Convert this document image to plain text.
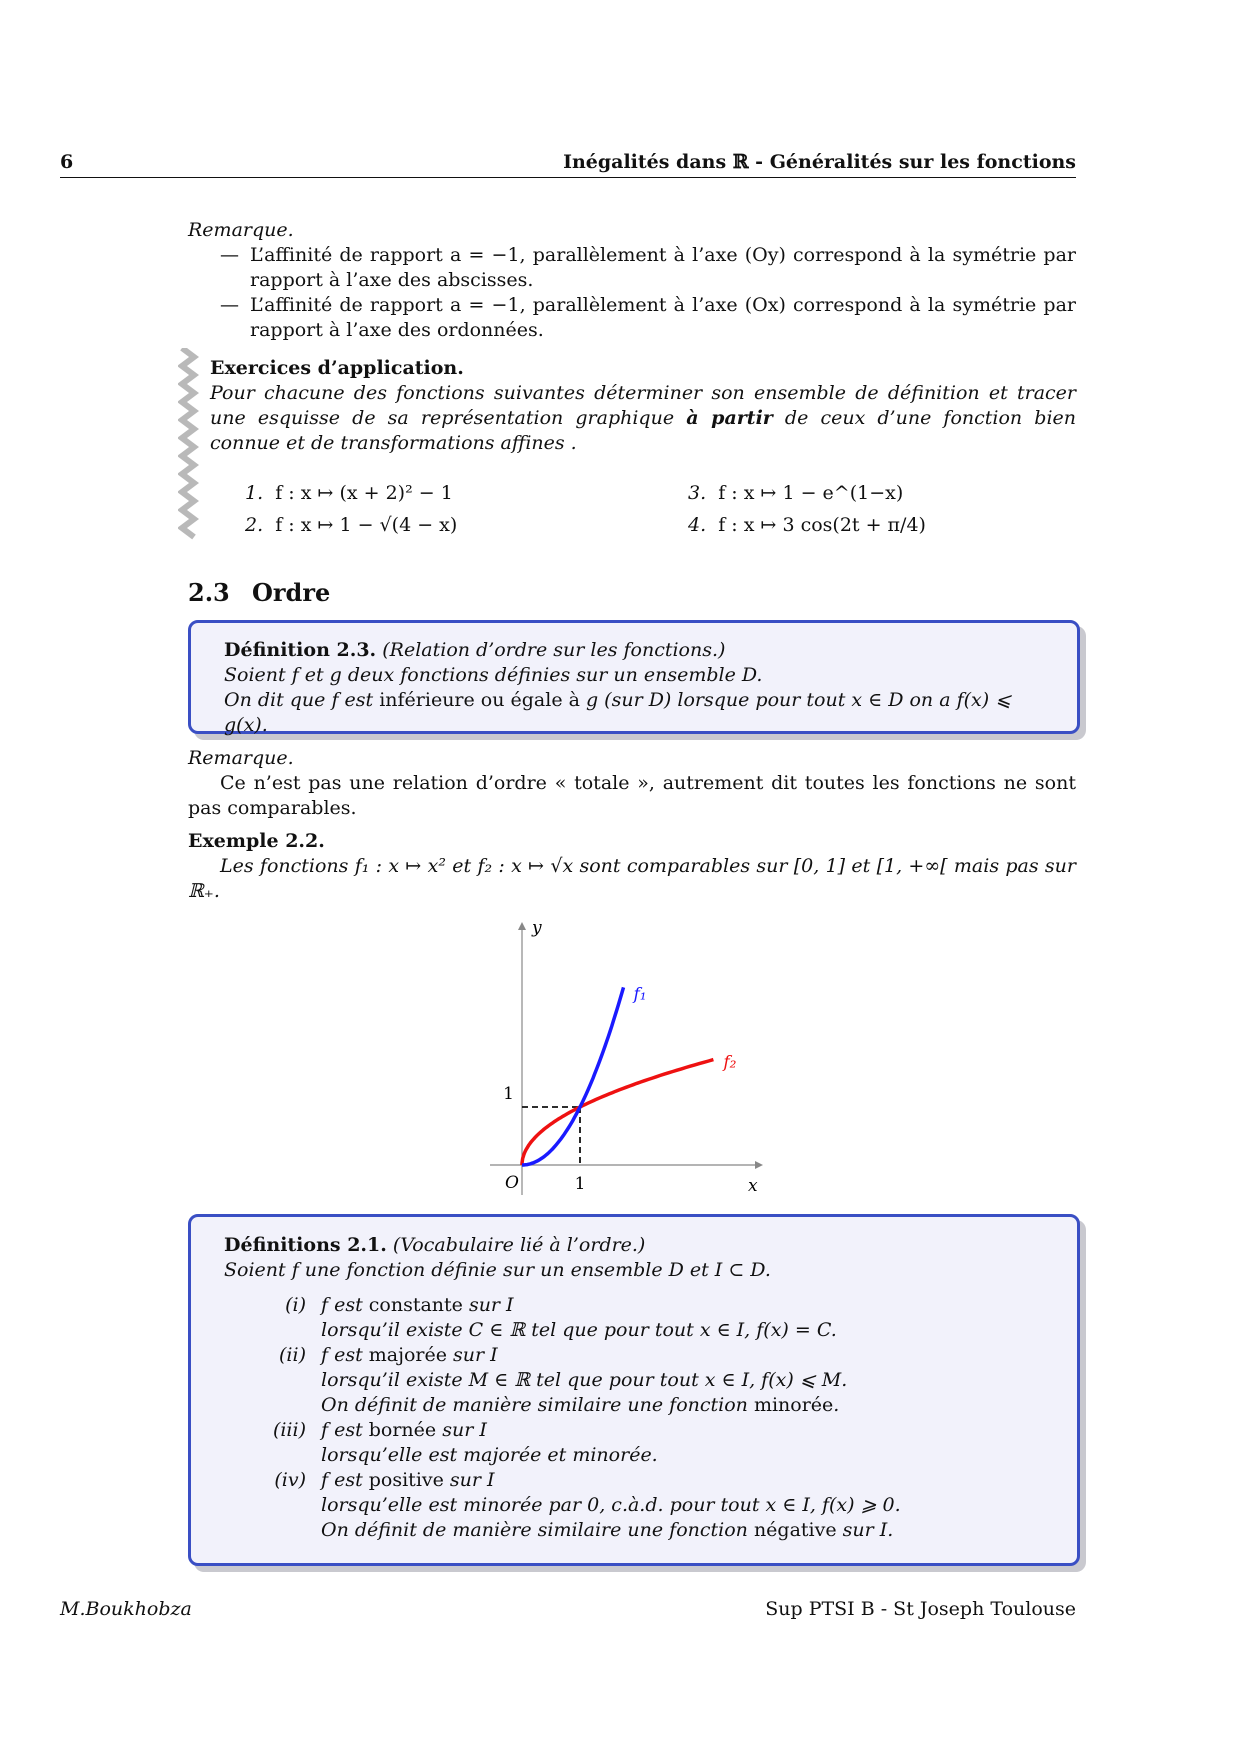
6	Inégalités dans ℝ - Généralités sur les fonctions
Remarque.
— L’affinité de rapport a = −1, parallèlement à l’axe (Oy) correspond à la symétrie par rapport à l’axe des abscisses.
— L’affinité de rapport a = −1, parallèlement à l’axe (Ox) correspond à la symétrie par rapport à l’axe des ordonnées.
Exercices d’application.
Pour chacune des fonctions suivantes déterminer son ensemble de définition et tracer une esquisse de sa représentation graphique à partir de ceux d’une fonction bien connue et de transformations affines .
1. f : x ↦ (x + 2)² − 1
2. f : x ↦ 1 − √(4 − x)
3. f : x ↦ 1 − e^(1−x)
4. f : x ↦ 3 cos(2t + π/4)
2.3 Ordre
Définition 2.3. (Relation d’ordre sur les fonctions.)
Soient f et g deux fonctions définies sur un ensemble D.
On dit que f est inférieure ou égale à g (sur D) lorsque pour tout x ∈ D on a f(x) ⩽ g(x).
Remarque.
Ce n’est pas une relation d’ordre « totale », autrement dit toutes les fonctions ne sont pas comparables.
Exemple 2.2.
Les fonctions f₁ : x ↦ x² et f₂ : x ↦ √x sont comparables sur [0, 1] et [1, +∞[ mais pas sur ℝ₊.
f₁
f₂
1
1
O	x
y
Définitions 2.1. (Vocabulaire lié à l’ordre.)
Soient f une fonction définie sur un ensemble D et I ⊂ D.
(i) f est constante sur I
lorsqu’il existe C ∈ ℝ tel que pour tout x ∈ I, f(x) = C.
(ii) f est majorée sur I
lorsqu’il existe M ∈ ℝ tel que pour tout x ∈ I, f(x) ⩽ M.
On définit de manière similaire une fonction minorée.
(iii) f est bornée sur I
lorsqu’elle est majorée et minorée.
(iv) f est positive sur I
lorsqu’elle est minorée par 0, c.à.d. pour tout x ∈ I, f(x) ⩾ 0.
On définit de manière similaire une fonction négative sur I.
M.Boukhobza	Sup PTSI B - St Joseph Toulouse
